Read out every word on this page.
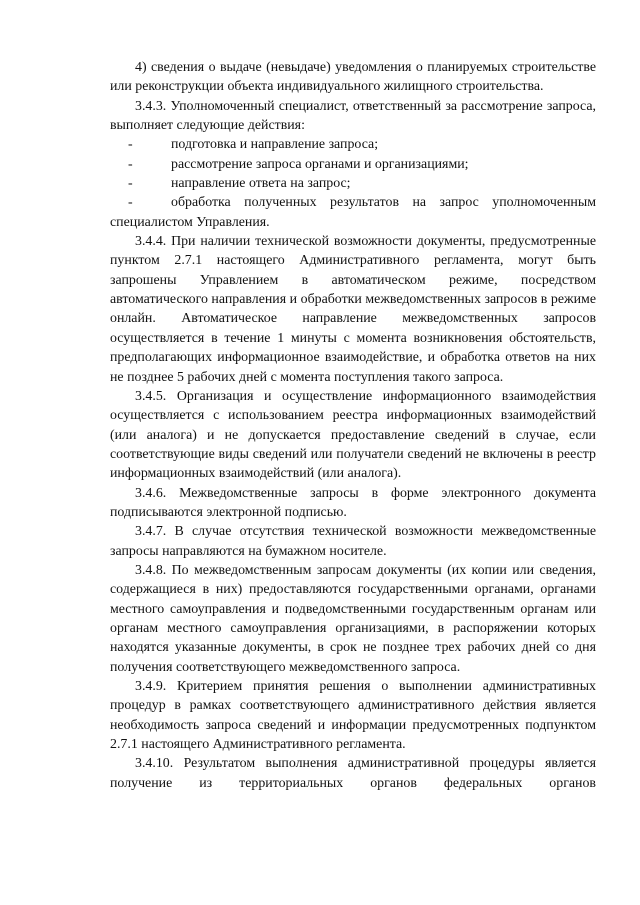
4) сведения о выдаче (невыдаче) уведомления о планируемых строительстве или реконструкции объекта индивидуального жилищного строительства.

3.4.3. Уполномоченный специалист, ответственный за рассмотрение запроса, выполняет следующие действия:

-	подготовка и направление запроса;
-	рассмотрение запроса органами и организациями;
-	направление ответа на запрос;
-	обработка полученных результатов на запрос уполномоченным

специалистом Управления.

3.4.4. При наличии технической возможности документы, предусмотренные пунктом 2.7.1 настоящего Административного регламента, могут быть запрошены Управлением в автоматическом режиме, посредством автоматического направления и обработки межведомственных запросов в режиме онлайн. Автоматическое направление межведомственных запросов осуществляется в течение 1 минуты с момента возникновения обстоятельств, предполагающих информационное взаимодействие, и обработка ответов на них не позднее 5 рабочих дней с момента поступления такого запроса.

3.4.5. Организация и осуществление информационного взаимодействия осуществляется с использованием реестра информационных взаимодействий (или аналога) и не допускается предоставление сведений в случае, если соответствующие виды сведений или получатели сведений не включены в реестр информационных взаимодействий (или аналога).

3.4.6. Межведомственные запросы в форме электронного документа подписываются электронной подписью.

3.4.7. В случае отсутствия технической возможности межведомственные запросы направляются на бумажном носителе.

3.4.8. По межведомственным запросам документы (их копии или сведения, содержащиеся в них) предоставляются государственными органами, органами местного самоуправления и подведомственными государственным органам или органам местного самоуправления организациями, в распоряжении которых находятся указанные документы, в срок не позднее трех рабочих дней со дня получения соответствующего межведомственного запроса.

3.4.9. Критерием принятия решения о выполнении административных процедур в рамках соответствующего административного действия является необходимость запроса сведений и информации предусмотренных подпунктом 2.7.1 настоящего Административного регламента.

3.4.10. Результатом выполнения административной процедуры является получение из территориальных органов федеральных органов
